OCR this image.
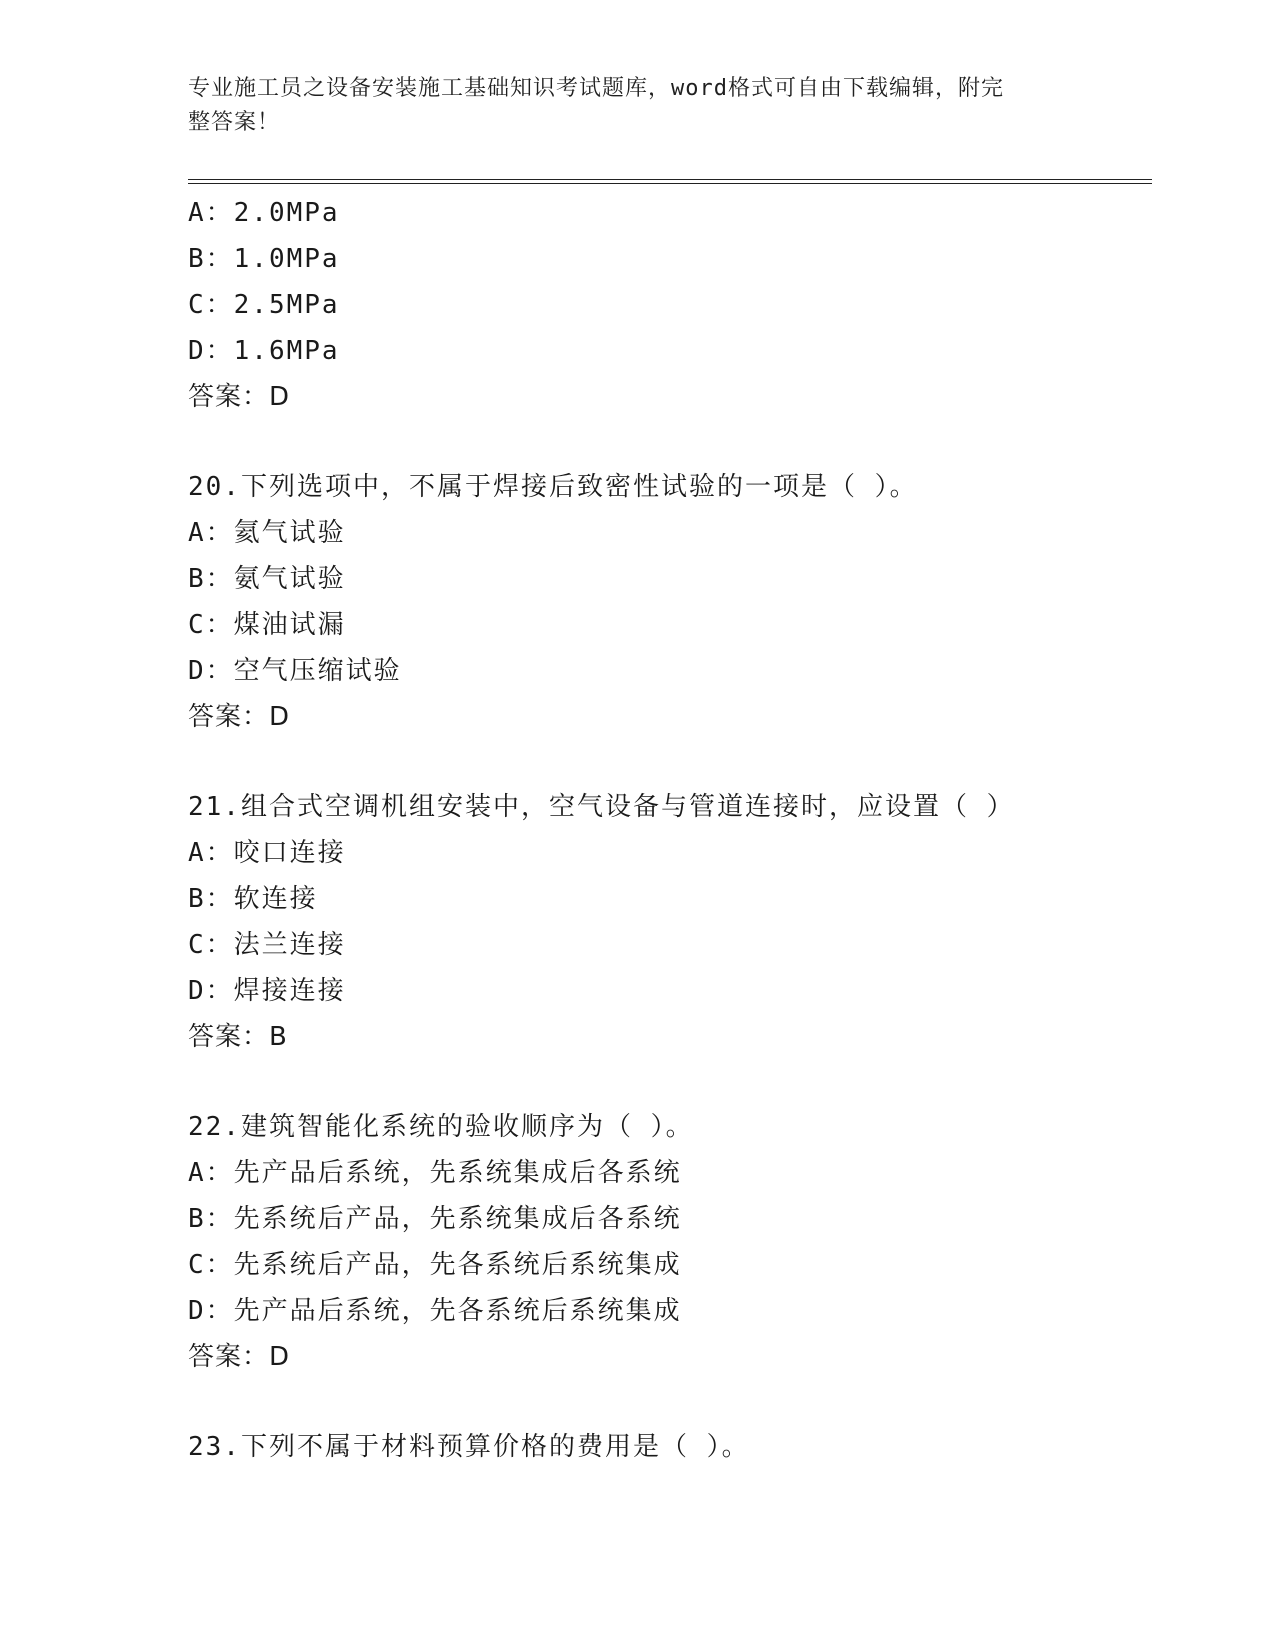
专业施工员之设备安装施工基础知识考试题库，word格式可自由下载编辑，附完
整答案！
A：2.0MPa
B：1.0MPa
C：2.5MPa
D：1.6MPa
答案：D
20.下列选项中，不属于焊接后致密性试验的一项是（ ）。
A：氦气试验
B：氨气试验
C：煤油试漏
D：空气压缩试验
答案：D
21.组合式空调机组安装中，空气设备与管道连接时，应设置（ ）
A：咬口连接
B：软连接
C：法兰连接
D：焊接连接
答案：B
22.建筑智能化系统的验收顺序为（ ）。
A：先产品后系统，先系统集成后各系统
B：先系统后产品，先系统集成后各系统
C：先系统后产品，先各系统后系统集成
D：先产品后系统，先各系统后系统集成
答案：D
23.下列不属于材料预算价格的费用是（ ）。
